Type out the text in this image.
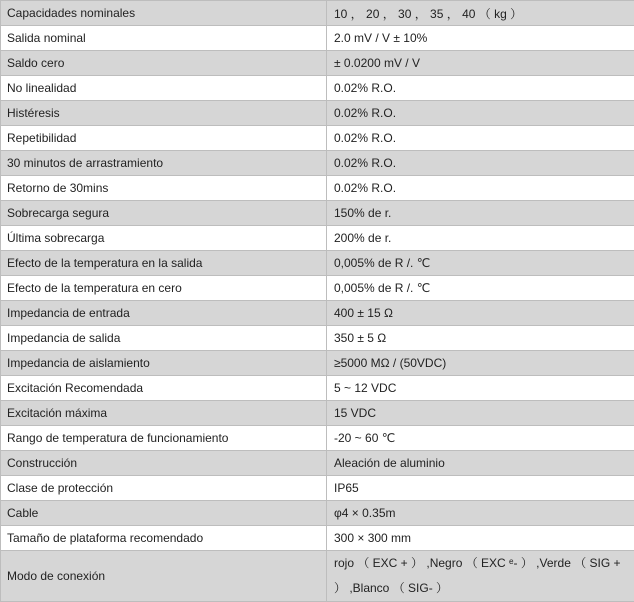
Capacidades nominales	10 ， 20 ， 30 ， 35 ， 40 （ kg ）
Salida nominal	2.0 mV / V ± 10%
Saldo cero	± 0.0200 mV / V
No linealidad	0.02% R.O.
Histéresis	0.02% R.O.
Repetibilidad	0.02% R.O.
30 minutos de arrastramiento	0.02% R.O.
Retorno de 30mins	0.02% R.O.
Sobrecarga segura	150% de r.
Última sobrecarga	200% de r.
Efecto de la temperatura en la salida	0,005% de R /. ℃
Efecto de la temperatura en cero	0,005% de R /. ℃
Impedancia de entrada	400 ± 15 Ω
Impedancia de salida	350 ± 5 Ω
Impedancia de aislamiento	≥5000 MΩ / (50VDC)
Excitación Recomendada	5 ~ 12 VDC
Excitación máxima	15 VDC
Rango de temperatura de funcionamiento	-20 ~ 60 ℃
Construcción	Aleación de aluminio
Clase de protección	IP65
Cable	φ4 × 0.35m
Tamaño de plataforma recomendado	300 × 300 mm
Modo de conexión	rojo （ EXC + ） ,Negro （ EXC ᵉ- ） ,Verde （ SIG +
） ,Blanco （ SIG- ）
